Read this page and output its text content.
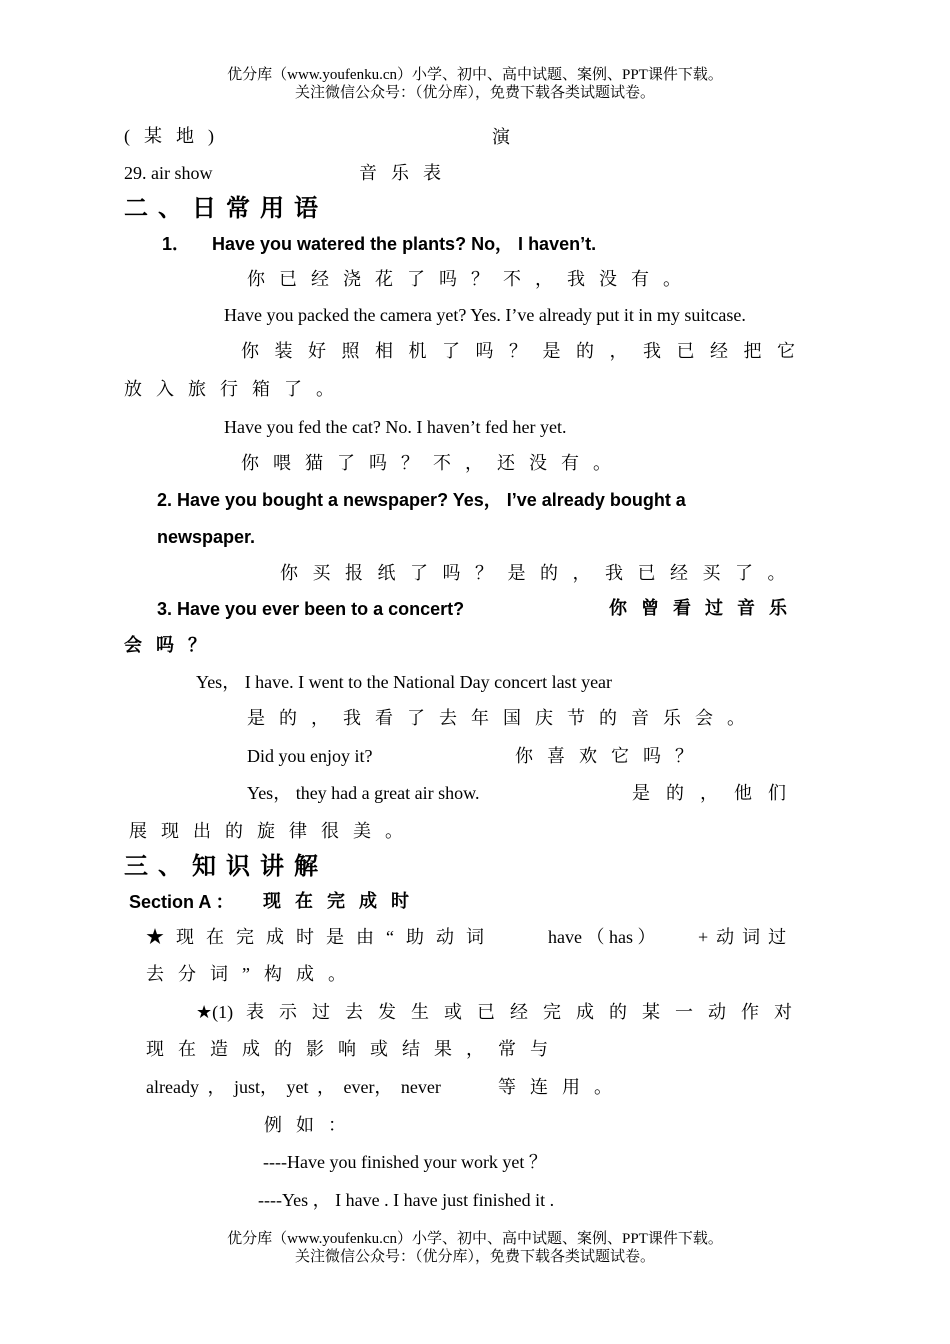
优分库（www.youfenku.cn）小学、初中、高中试题、案例、PPT课件下载。
关注微信公众号：（优分库），免费下载各类试题试卷。
(某地)	演
29. air show	音乐表
二、日常用语
1． Have you watered the plants? No， I haven’t.
你已经浇花了吗？不，我没有。
Have you packed the camera yet? Yes. I’ve already put it in my suitcase.
你装好照相机了吗？是的，我已经把它
放入旅行箱了。
Have you fed the cat? No. I haven’t fed her yet.
你喂猫了吗？不，还没有。
2. Have you bought a newspaper? Yes， I’ve already bought a
newspaper.
你买报纸了吗？是的，我已经买了。
3. Have you ever been to a concert?	你曾看过音乐
会吗？
Yes， I have. I went to the National Day concert last year
是的，我看了去年国庆节的音乐会。
Did you enjoy it?	你喜欢它吗？
Yes， they had a great air show.	是的，他们
展现出的旋律很美。
三、知识讲解
Section A ： 现在完成时
★现在完成时是由“助动词	have （ has ） +动词过
去分词”构成。
★(1) 表示过去发生或已经完成的某一动作对
现在造成的影响或结果，常与
already ， just， yet ， ever， never	等连用。
例如：
----Have you finished your work yet ？
----Yes ， I have . I have just finished it .
优分库（www.youfenku.cn）小学、初中、高中试题、案例、PPT课件下载。
关注微信公众号：（优分库），免费下载各类试题试卷。
